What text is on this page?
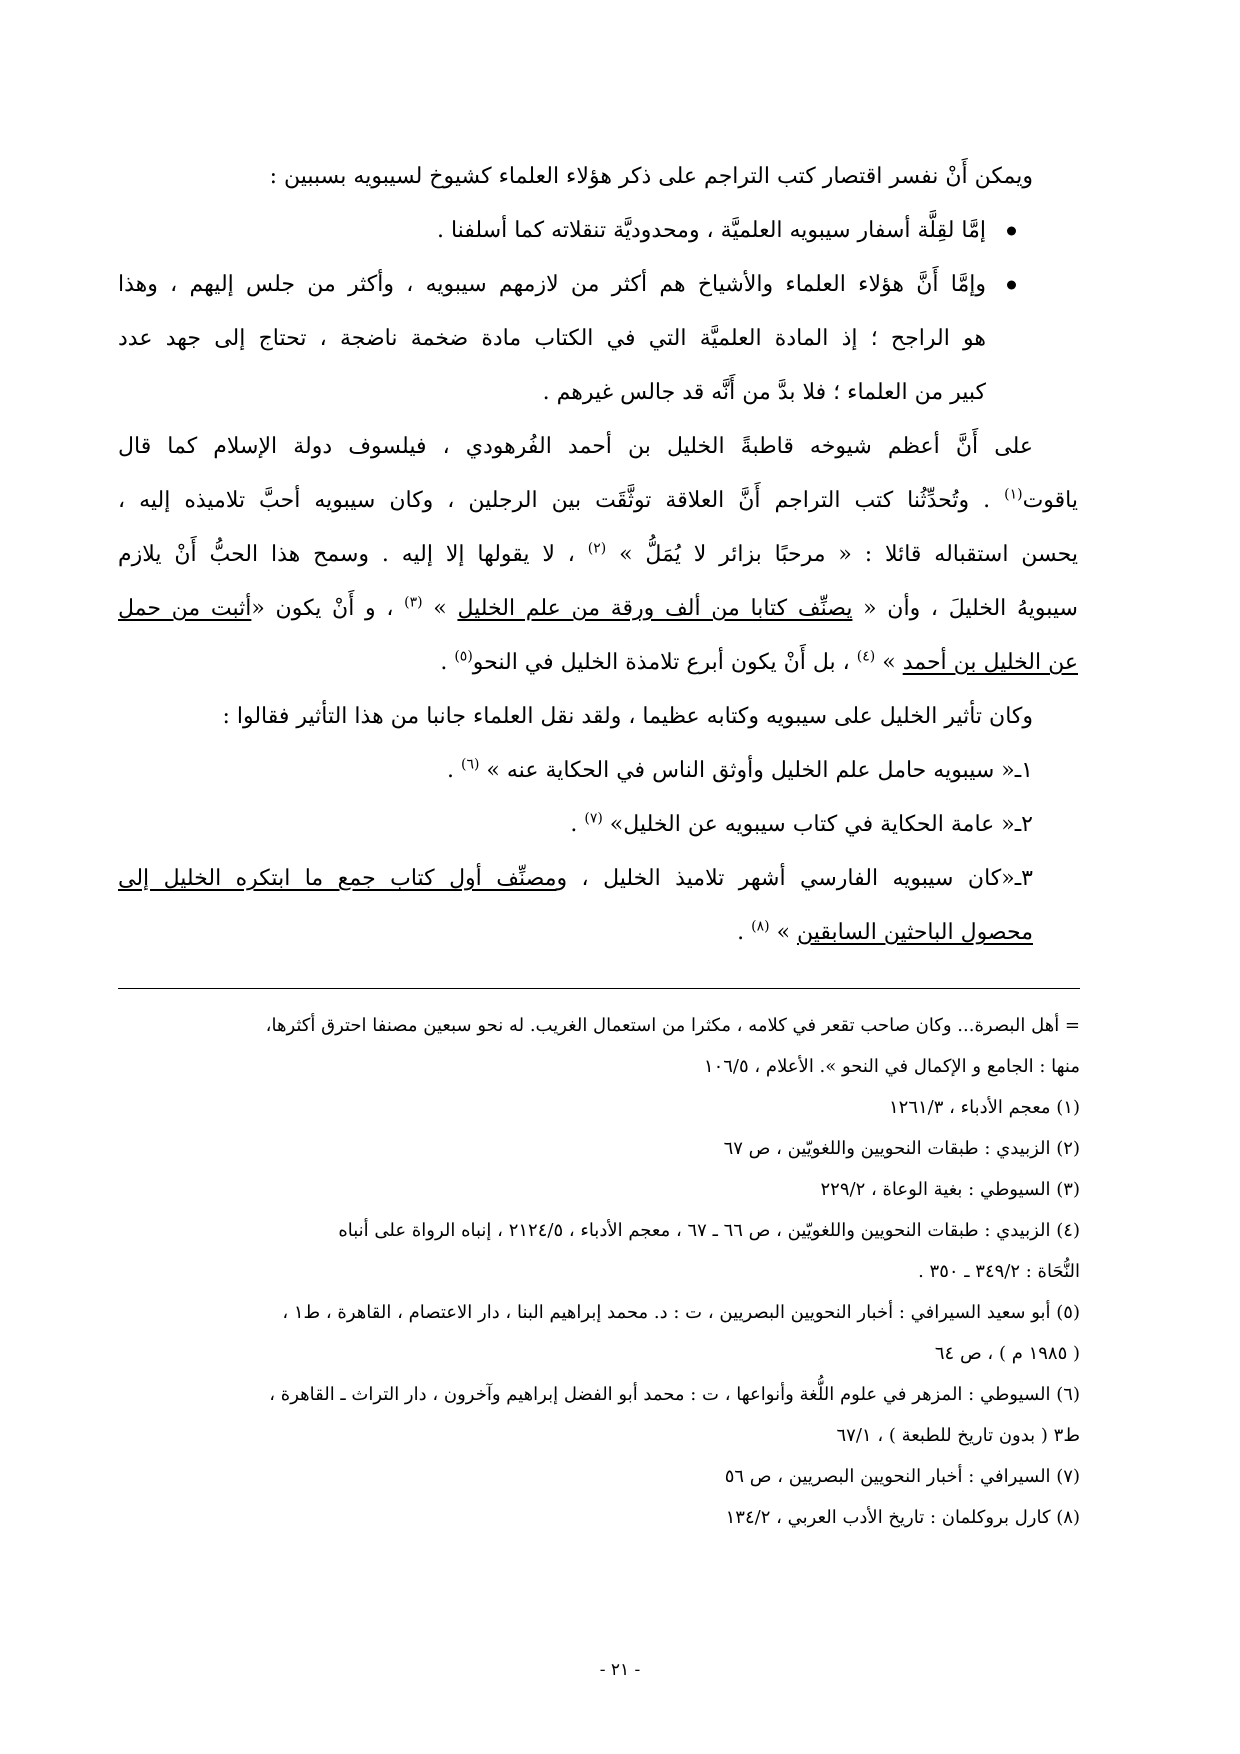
ويمكن أَنْ نفسر اقتصار كتب التراجم على ذكر هؤلاء العلماء كشيوخ لسيبويه بسببين :
إمَّا لقِلَّة أسفار سيبويه العلميَّة ، ومحدوديَّة تنقلاته كما أسلفنا .
وإمَّا أَنَّ هؤلاء العلماء والأشياخ هم أكثر من لازمهم سيبويه ، وأكثر من جلس إليهم ، وهذا
هو الراجح ؛ إذ المادة العلميَّة التي في الكتاب مادة ضخمة ناضجة ، تحتاج إلى جهد عدد
كبير من العلماء ؛ فلا بدَّ من أَنَّه قد جالس غيرهم .
على أَنَّ أعظم شيوخه قاطبةً الخليل بن أحمد الفُرهودي ، فيلسوف دولة الإسلام كما قال
ياقوت$^{(١)}$ . وتُحدِّثُنا كتب التراجم أَنَّ العلاقة توثَّقَت بين الرجلين ، وكان سيبويه أحبَّ تلاميذه إليه ،
يحسن استقباله قائلا : « مرحبًا بزائر لا يُمَلُّ » $^{(٢)}$ ، لا يقولها إلا إليه . وسمح هذا الحبُّ أَنْ يلازم
سيبويهُ الخليلَ ، وأن « يصنِّف كتابا من ألف ورقة من علم الخليل » $^{(٣)}$ ، و أَنْ يكون «أثبت من حمل
عن الخليل بن أحمد » $^{(٤)}$ ، بل أَنْ يكون أبرع تلامذة الخليل في النحو$^{(٥)}$ .
وكان تأثير الخليل على سيبويه وكتابه عظيما ، ولقد نقل العلماء جانبا من هذا التأثير فقالوا :
١ـ« سيبويه حامل علم الخليل وأوثق الناس في الحكاية عنه » $^{(٦)}$ .
٢ـ« عامة الحكاية في كتاب سيبويه عن الخليل» $^{(٧)}$ .
٣ـ«كان سيبويه الفارسي أشهر تلاميذ الخليل ، ومصنِّف أول كتاب جمع ما ابتكره الخليل إلى
محصول الباحثين السابقين » $^{(٨)}$ .
= أهل البصرة... وكان صاحب تقعر في كلامه ، مكثرا من استعمال الغريب. له نحو سبعين مصنفا احترق أكثرها،
منها : الجامع و الإكمال في النحو ». الأعلام ، ١٠٦/٥
(١) معجم الأدباء ، ١٢٦١/٣
(٢) الزبيدي : طبقات النحويين واللغويّين ، ص ٦٧
(٣) السيوطي : بغية الوعاة ، ٢٢٩/٢
(٤) الزبيدي : طبقات النحويين واللغويّين ، ص ٦٦ ـ ٦٧ ، معجم الأدباء ، ٢١٢٤/٥ ، إنباه الرواة على أنباه
النُّحَاة : ٣٤٩/٢ ـ ٣٥٠ .
(٥) أبو سعيد السيرافي : أخبار النحويين البصريين ، ت : د. محمد إبراهيم البنا ، دار الاعتصام ، القاهرة ، ط١ ،
( ١٩٨٥ م ) ، ص ٦٤
(٦) السيوطي : المزهر في علوم اللُّغة وأنواعها ، ت : محمد أبو الفضل إبراهيم وآخرون ، دار التراث ـ القاهرة ،
ط٣ ( بدون تاريخ للطبعة ) ، ٦٧/١
(٧) السيرافي : أخبار النحويين البصريين ، ص ٥٦
(٨) كارل بروكلمان : تاريخ الأدب العربي ، ١٣٤/٢
- ٢١ -
